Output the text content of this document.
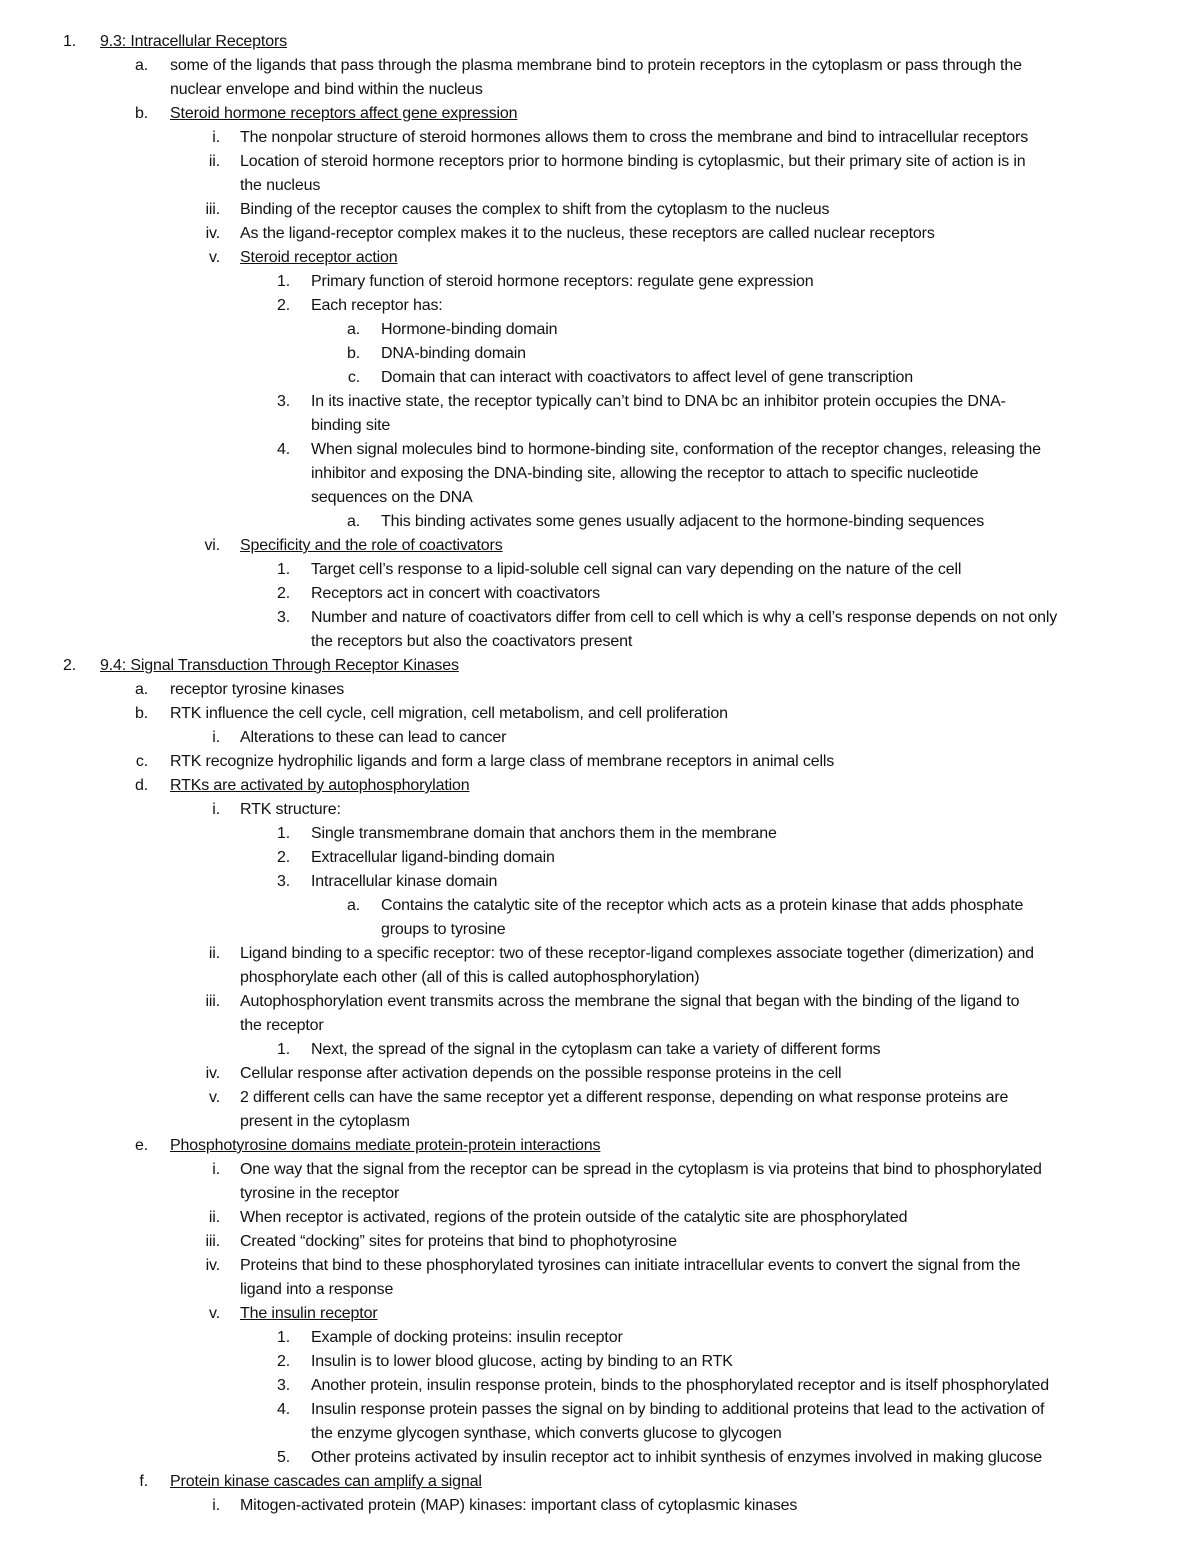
1. 9.3: Intracellular Receptors
a. some of the ligands that pass through the plasma membrane bind to protein receptors in the cytoplasm or pass through the
nuclear envelope and bind within the nucleus
b. Steroid hormone receptors affect gene expression
i. The nonpolar structure of steroid hormones allows them to cross the membrane and bind to intracellular receptors
ii. Location of steroid hormone receptors prior to hormone binding is cytoplasmic, but their primary site of action is in
the nucleus
iii. Binding of the receptor causes the complex to shift from the cytoplasm to the nucleus
iv. As the ligand-receptor complex makes it to the nucleus, these receptors are called nuclear receptors
v. Steroid receptor action
1. Primary function of steroid hormone receptors: regulate gene expression
2. Each receptor has:
a. Hormone-binding domain
b. DNA-binding domain
c. Domain that can interact with coactivators to affect level of gene transcription
3. In its inactive state, the receptor typically can’t bind to DNA bc an inhibitor protein occupies the DNA-
binding site
4. When signal molecules bind to hormone-binding site, conformation of the receptor changes, releasing the
inhibitor and exposing the DNA-binding site, allowing the receptor to attach to specific nucleotide
sequences on the DNA
a. This binding activates some genes usually adjacent to the hormone-binding sequences
vi. Specificity and the role of coactivators
1. Target cell’s response to a lipid-soluble cell signal can vary depending on the nature of the cell
2. Receptors act in concert with coactivators
3. Number and nature of coactivators differ from cell to cell which is why a cell’s response depends on not only
the receptors but also the coactivators present
2. 9.4: Signal Transduction Through Receptor Kinases
a. receptor tyrosine kinases
b. RTK influence the cell cycle, cell migration, cell metabolism, and cell proliferation
i. Alterations to these can lead to cancer
c. RTK recognize hydrophilic ligands and form a large class of membrane receptors in animal cells
d. RTKs are activated by autophosphorylation
i. RTK structure:
1. Single transmembrane domain that anchors them in the membrane
2. Extracellular ligand-binding domain
3. Intracellular kinase domain
a. Contains the catalytic site of the receptor which acts as a protein kinase that adds phosphate
groups to tyrosine
ii. Ligand binding to a specific receptor: two of these receptor-ligand complexes associate together (dimerization) and
phosphorylate each other (all of this is called autophosphorylation)
iii. Autophosphorylation event transmits across the membrane the signal that began with the binding of the ligand to
the receptor
1. Next, the spread of the signal in the cytoplasm can take a variety of different forms
iv. Cellular response after activation depends on the possible response proteins in the cell
v. 2 different cells can have the same receptor yet a different response, depending on what response proteins are
present in the cytoplasm
e. Phosphotyrosine domains mediate protein-protein interactions
i. One way that the signal from the receptor can be spread in the cytoplasm is via proteins that bind to phosphorylated
tyrosine in the receptor
ii. When receptor is activated, regions of the protein outside of the catalytic site are phosphorylated
iii. Created “docking” sites for proteins that bind to phophotyrosine
iv. Proteins that bind to these phosphorylated tyrosines can initiate intracellular events to convert the signal from the
ligand into a response
v. The insulin receptor
1. Example of docking proteins: insulin receptor
2. Insulin is to lower blood glucose, acting by binding to an RTK
3. Another protein, insulin response protein, binds to the phosphorylated receptor and is itself phosphorylated
4. Insulin response protein passes the signal on by binding to additional proteins that lead to the activation of
the enzyme glycogen synthase, which converts glucose to glycogen
5. Other proteins activated by insulin receptor act to inhibit synthesis of enzymes involved in making glucose
f. Protein kinase cascades can amplify a signal
i. Mitogen-activated protein (MAP) kinases: important class of cytoplasmic kinases
